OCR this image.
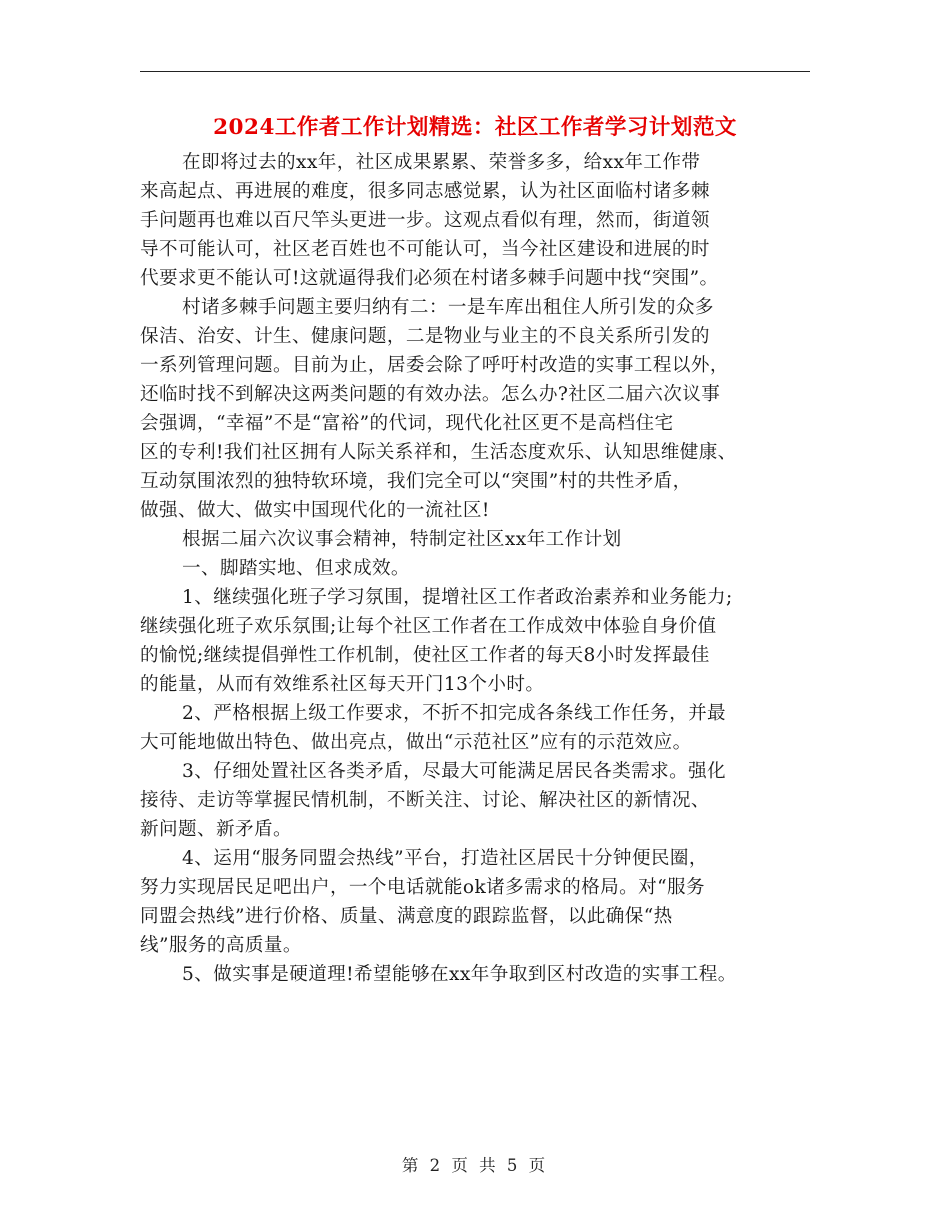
2024工作者工作计划精选：社区工作者学习计划范文
在即将过去的xx年，社区成果累累、荣誉多多，给xx年工作带
来高起点、再进展的难度，很多同志感觉累，认为社区面临村诸多棘
手问题再也难以百尺竿头更进一步。这观点看似有理，然而，街道领
导不可能认可，社区老百姓也不可能认可，当今社区建设和进展的时
代要求更不能认可!这就逼得我们必须在村诸多棘手问题中找“突围”。
村诸多棘手问题主要归纳有二：一是车库出租住人所引发的众多
保洁、治安、计生、健康问题，二是物业与业主的不良关系所引发的
一系列管理问题。目前为止，居委会除了呼吁村改造的实事工程以外，
还临时找不到解决这两类问题的有效办法。怎么办?社区二届六次议事
会强调，“幸福”不是“富裕”的代词，现代化社区更不是高档住宅
区的专利!我们社区拥有人际关系祥和，生活态度欢乐、认知思维健康、
互动氛围浓烈的独特软环境，我们完全可以“突围”村的共性矛盾，
做强、做大、做实中国现代化的一流社区!
根据二届六次议事会精神，特制定社区xx年工作计划
一、脚踏实地、但求成效。
1、继续强化班子学习氛围，提增社区工作者政治素养和业务能力;
继续强化班子欢乐氛围;让每个社区工作者在工作成效中体验自身价值
的愉悦;继续提倡弹性工作机制，使社区工作者的每天8小时发挥最佳
的能量，从而有效维系社区每天开门13个小时。
2、严格根据上级工作要求，不折不扣完成各条线工作任务，并最
大可能地做出特色、做出亮点，做出“示范社区”应有的示范效应。
3、仔细处置社区各类矛盾，尽最大可能满足居民各类需求。强化
接待、走访等掌握民情机制，不断关注、讨论、解决社区的新情况、
新问题、新矛盾。
4、运用“服务同盟会热线”平台，打造社区居民十分钟便民圈，
努力实现居民足吧出户，一个电话就能ok诸多需求的格局。对“服务
同盟会热线”进行价格、质量、满意度的跟踪监督，以此确保“热
线”服务的高质量。
5、做实事是硬道理!希望能够在xx年争取到区村改造的实事工程。
第 2 页 共 5 页
